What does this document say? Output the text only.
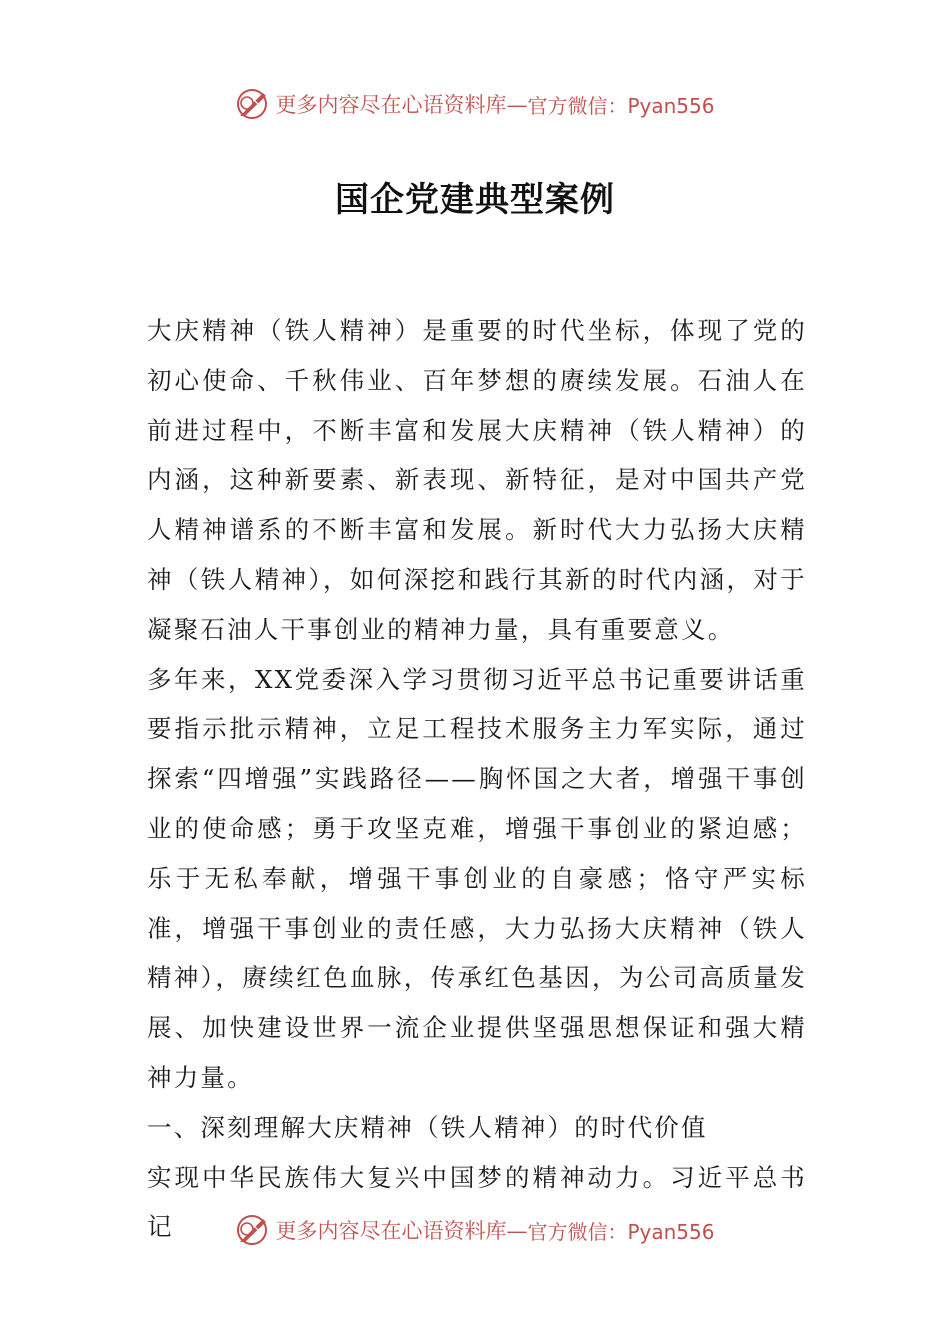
更多内容尽在心语资料库— 官方微信：Pyan556
国企党建典型案例

大庆精神（铁人精神）是重要的时代坐标，体现了党的初心使命、千秋伟业、百年梦想的赓续发展。石油人在前进过程中，不断丰富和发展大庆精神（铁人精神）的内涵，这种新要素、新表现、新特征，是对中国共产党人精神谱系的不断丰富和发展。新时代大力弘扬大庆精神（铁人精神），如何深挖和践行其新的时代内涵，对于凝聚石油人干事创业的精神力量，具有重要意义。

多年来，XX党委深入学习贯彻习近平总书记重要讲话重要指示批示精神，立足工程技术服务主力军实际，通过探索“四增强”实践路径——胸怀国之大者，增强干事创业的使命感；勇于攻坚克难，增强干事创业的紧迫感；乐于无私奉献，增强干事创业的自豪感；恪守严实标准，增强干事创业的责任感，大力弘扬大庆精神（铁人精神），赓续红色血脉，传承红色基因，为公司高质量发展、加快建设世界一流企业提供坚强思想保证和强大精神力量。

一、深刻理解大庆精神（铁人精神）的时代价值

实现中华民族伟大复兴中国梦的精神动力。习近平总书记	更多内容尽在心语资料库— 官方微信：Pyan556
